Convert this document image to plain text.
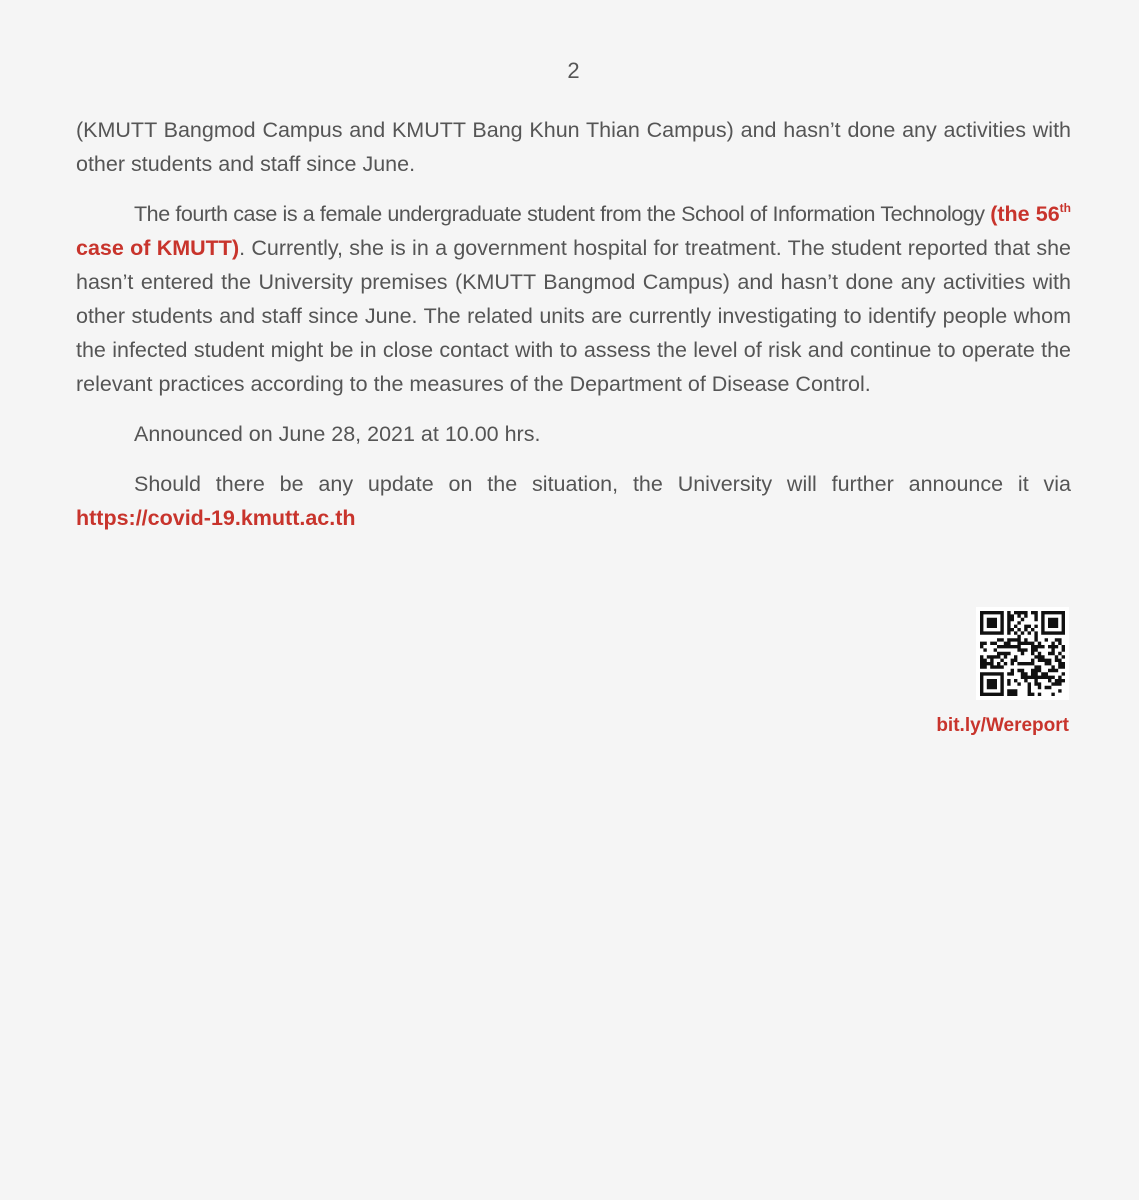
2

(KMUTT Bangmod Campus and KMUTT Bang Khun Thian Campus) and hasn’t done any activities with other students and staff since June.

The fourth case is a female undergraduate student from the School of Information Technology (the 56th case of KMUTT). Currently, she is in a government hospital for treatment. The student reported that she hasn’t entered the University premises (KMUTT Bangmod Campus) and hasn’t done any activities with other students and staff since June. The related units are currently investigating to identify people whom the infected student might be in close contact with to assess the level of risk and continue to operate the relevant practices according to the measures of the Department of Disease Control.

Announced on June 28, 2021 at 10.00 hrs.

Should there be any update on the situation, the University will further announce it via https://covid-19.kmutt.ac.th

bit.ly/Wereport
